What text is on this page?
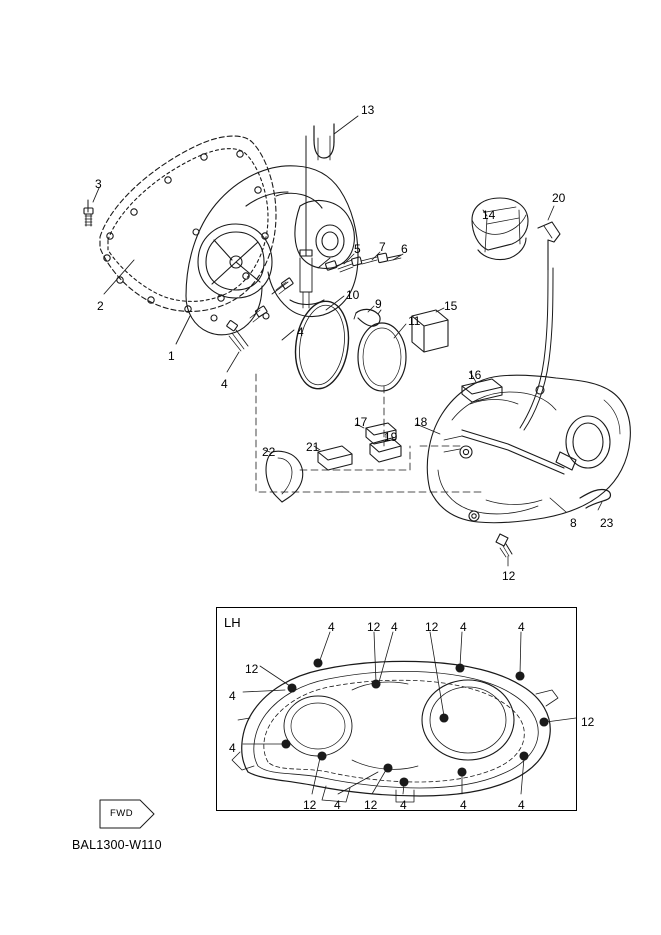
LH
FWD
BAL1300-W110
13
3
14
20
5 7 6
2
10
9
11
15
1
4
4
16
17	18
19
21
22
8 23
12
4	12 4 12 4	4
12
4
12
4
12 4 12 4	4	4
